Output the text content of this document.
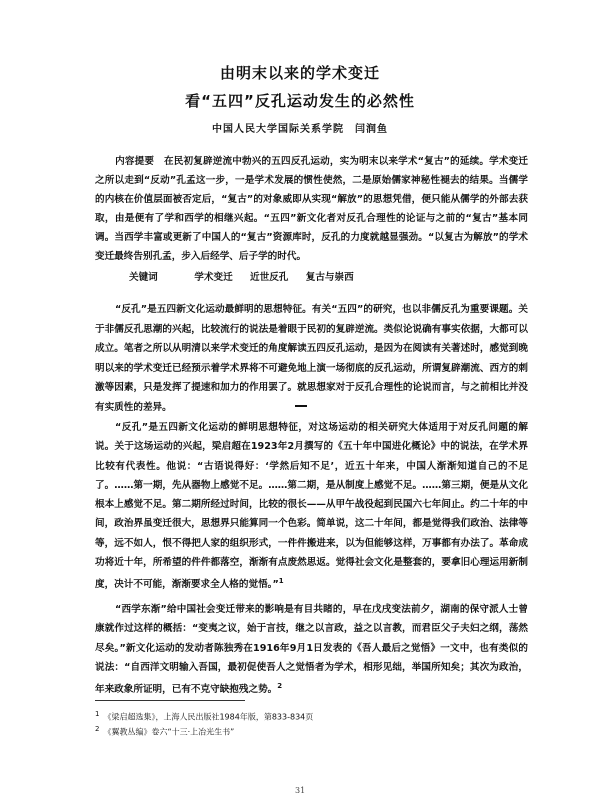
由明末以来的学术变迁
看“五四”反孔运动发生的必然性
中国人民大学国际关系学院　闫润鱼
内容提要　 在民初复辟逆流中勃兴的五四反孔运动，实为明末以来学术“复古”的延续。学术变迁之所以走到“反动”孔孟这一步，一是学术发展的惯性使然，二是原始儒家神秘性褪去的结果。当儒学的内核在价值层面被否定后，“复古”的对象威即从实现“解放”的思想凭借，便只能从儒学的外部去获取，由是便有了学和西学的相继兴起。“五四”新文化者对反孔合理性的论证与之前的“复古”基本同调。当西学丰富或更新了中国人的“复古”资源库时，反孔的力度就越显强劲。“以复古为解放”的学术变迁最终告别孔孟，步入后经学、后子学的时代。
关键词　　	学术变迁 近世反孔 复古与崇西
“反孔”是五四新文化运动最鲜明的思想特征。有关“五四”的研究，也以非儒反孔为重要课题。关于非儒反孔思潮的兴起，比较流行的说法是着眼于民初的复辟逆流。类似论说确有事实依据，大都可以成立。笔者之所以从明清以来学术变迁的角度解读五四反孔运动，是因为在阅读有关著述时，感觉到晚明以来的学术变迁已经预示着学术界将不可避免地上演一场彻底的反孔运动，所谓复辟潮流、西方的刺激等因素，只是发挥了提速和加力的作用罢了。就思想家对于反孔合理性的论说而言，与之前相比并没有实质性的差异。
“反孔”是五四新文化运动的鲜明思想特征，对这场运动的相关研究大体适用于对反孔问题的解说。关于这场运动的兴起，梁启超在1923年2月撰写的《五十年中国进化概论》中的说法，在学术界比较有代表性。他说：“古语说得好：‘学然后知不足’，近五十年来，中国人渐渐知道自己的不足了。……第一期，先从器物上感觉不足。……第二期，是从制度上感觉不足。……第三期，便是从文化根本上感觉不足。第二期所经过时间，比较的很长——从甲午战役起到民国六七年间止。约二十年的中间，政治界虽变迁很大，思想界只能算同一个色彩。简单说，这二十年间，都是觉得我们政治、法律等等，远不如人，恨不得把人家的组织形式，一件件搬进来，以为但能够这样，万事都有办法了。革命成功将近十年，所希望的件件都落空，渐渐有点废然思返。觉得社会文化是整套的，要拿旧心理运用新制度，决计不可能，渐渐要求全人格的觉悟。”$^1$
“西学东渐”给中国社会变迁带来的影响是有目共睹的，早在戊戌变法前夕，湖南的保守派人士曾康就作过这样的概括：“变夷之议，始于言技，继之以言政，益之以言教，而君臣父子夫妇之纲，荡然尽矣。”新文化运动的发动者陈独秀在1916年9月1日发表的《吾人最后之觉悟》一文中，也有类似的说法：“自西洋文明输入吾国，最初促使吾人之觉悟者为学术，相形见绌，举国所知矣；其次为政治，年来政象所证明，已有不克守缺抱残之势。$^2$
$^1$　 《梁启超选集》，上海人民出版社1984年版，第833-834页
$^2$　 《翼教丛编》卷六“十三·上冶光生书”
31
